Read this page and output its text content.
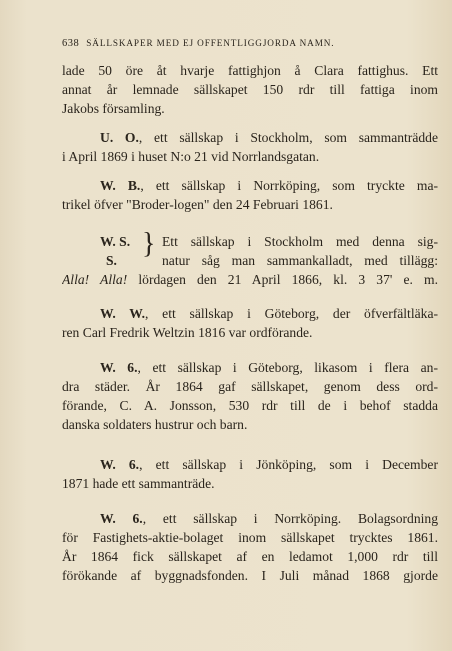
638 SÄLLSKAPER MED EJ OFFENTLIGGJORDA NAMN.
lade 50 öre åt hvarje fattighjon å Clara fattighus. Ett
annat år lemnade sällskapet 150 rdr till fattiga inom
Jakobs församling.
U. O., ett sällskap i Stockholm, som sammanträdde
i April 1869 i huset N:o 21 vid Norrlandsgatan.
W. B., ett sällskap i Norrköping, som tryckte ma-
trikel öfver "Broder-logen" den 24 Februari 1861.
W. S.
S.
} Ett sällskap i Stockholm med denna sig-
natur såg man sammankalladt, med tillägg:
Alla! Alla! lördagen den 21 April 1866, kl. 3 37' e. m.
W. W., ett sällskap i Göteborg, der öfverfältläka-
ren Carl Fredrik Weltzin 1816 var ordförande.
W. 6., ett sällskap i Göteborg, likasom i flera an-
dra städer. År 1864 gaf sällskapet, genom dess ord-
förande, C. A. Jonsson, 530 rdr till de i behof stadda
danska soldaters hustrur och barn.
W. 6., ett sällskap i Jönköping, som i December
1871 hade ett sammanträde.
W. 6., ett sällskap i Norrköping. Bolagsordning
för Fastighets-aktie-bolaget inom sällskapet trycktes 1861.
År 1864 fick sällskapet af en ledamot 1,000 rdr till
förökande af byggnadsfonden. I Juli månad 1868 gjorde
